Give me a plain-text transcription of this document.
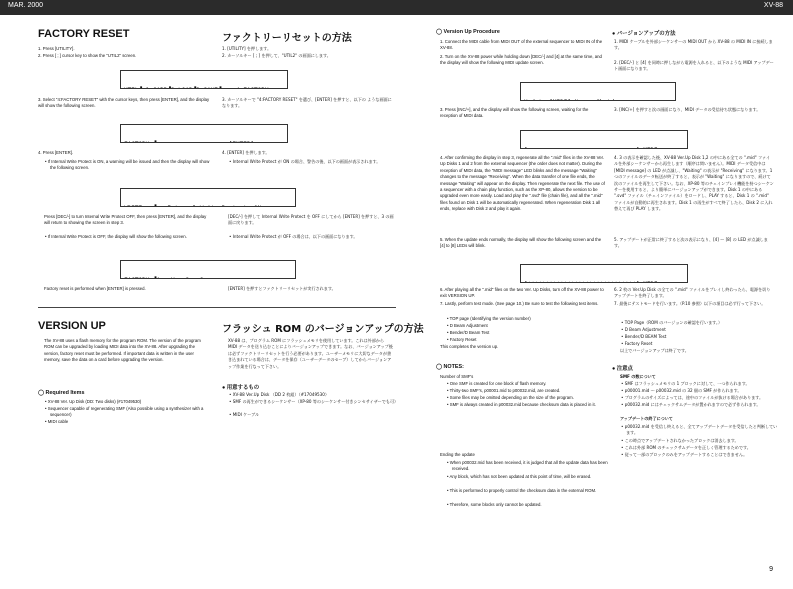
MAR. 2000	XV-88
FACTORY RESET	ファクトリーリセットの方法
1. Press [UTILITY].
2. Press [ ; ] cursor key to show the "UTIL2" screen.
1. [UTILITY] を押します。
2. カーソルキー [ ; ] を押して、"UTIL2" の画面にします。

3. Select "4:FACTORY RESET" with the cursor keys, then press [ENTER], and the display will show the following screen.
3. カーソルキーで "4:FACTORY RESET" を選び、[ENTER] を押すと、以下の ような画面になります。

4. Press [ENTER].	4. [ENTER] を押します。
• If Internal Write Protect is ON, a warning will be issued and then the display will show the following screen.
• Internal Write Protect が ON の場合、警告の後、以下の画面が表示されます。

Press [DEC/-] to turn Internal Write Protect OFF, then press [ENTER], and the display will return to showing the screen in step 3.
[DEC/-] を押して Internal Write Protect を OFF にしてから [ENTER] を押すと、3 の画面に戻ります。
• If Internal Write Protect is OFF, the display will show the following screen.	• Internal Write Protect が OFF の場合は、以下の画面になります。

Factory reset is performed when [ENTER] is pressed.	[ENTER] を押すとファクトリーリセットが実行されます。
VERSION UP	フラッシュ ROM のバージョンアップの方法
The XV-88 uses a flash memory for the program ROM. The version of the program ROM can be upgraded by loading MIDI data into the XV-88. After upgrading the version, factory reset must be performed. If important data is written in the user memory, save the data on a card before upgrading the version.
XV-88 は、プログラム ROM にフラッシュメモリを使用しています。これは外部から MIDI データを送り込むことによりバージョンアップできます。なお、バージョンアップ後は必ずファクトリーリセットを行う必要があります。ユーザーメモリに大切なデータが書き込まれている場合は、データを保存（ユーザーデータのセーブ）してからバージョンアップ作業を行なって下さい。
◯ Required Items
• XV-88 Ver. Up Disk (DD: Two disks) (#17049530)
• Sequencer capable of regenerating SMF (Also possible using a synthesizer with a sequencer)
• MIDI cable
● 用意するもの
• XV-88 Ver.Up Disk （DD 2 枚組）（#17049530）
• SMF の再生ができるシーケンサー（XP-80 等のシーケンサー付きシンセサイザーでも可）
• MIDI ケーブル
◯ Version Up Procedure	● バージョンアップの方法
1. Connect the MIDI cable from MIDI OUT of the external sequencer to MIDI IN of the XV-88.
2. Turn on the XV-88 power while holding down [DEC/-] and [4] at the same time, and the display will show the following MIDI update screen.
1. MIDI ケーブルを外部シーケンサーの MIDI OUT から XV-88 の MIDI IN に接続します。
2. [DEC/-] と [4] を同時に押しながら電源を入れると、以下のような MIDI アップデート画面になります。

3. Press [INC/+], and the display will show the following screen, waiting for the reception of MIDI data.
3. [INC/+] を押すと次の画面になり、MIDI データの受信待ち状態になります。

4. After confirming the display in step 3, regenerate all the ".mid" files in the XV-88 Ver. Up Disks 1 and 2 from the external sequencer (the order does not matter). During the reception of MIDI data, the "MIDI message" LED blinks and the message "Waiting" changes to the message "Receiving". When the data transfer of one file ends, the message "Waiting" will appear on the display. Then regenerate the next file. The use of a sequencer with a chain play function, such as the XP-80, allows the version to be upgraded even more easily. Load and play the ".svd" file (chain file), and all the ".mid" files found on Disk 1 will be automatically regenerated. When regeneration Disk 1 all ends, replace with Disk 2 and play it again.
5. When the update ends normally, the display will show the following screen and the [4] to [8] LEDs will blink.
4. 3 の表示を確認した後、XV-88 Ver.Up Disk 1,2 の中にある全ての ".mid" ファイルを外部シーケンサーから再生します（順序は問いません）。MIDI データ受信中は [MIDI message] の LED が点滅し、"Waiting" の表示が "Receiving" になります。1 つのファイルのデータ転送が終了すると、表示が "Waiting" になりますので、続けて次のファイルを再生して下さい。なお、XP-80 等のチェインプレイ機能を持つシーケンサーを使用すると、より簡単にバージョンアップができます。Disk 1 の中にある ".svd" ファイル（チェインファイル）をロードし、PLAY すると、Disk 1 の ".mid" ファイルが自動的に再生されます。Disk 1 の再生がすべて終了したら、Disk 2 に入れ替えて再び PLAY します。
5. アップデートが正常に終了すると次の表示になり、[4] ～ [8] の LED が点滅します。

6. After playing all the ".mid" files on the two Ver. Up Disks, turn off the XV-88 power to exit VERSION UP.
7. Lastly, perform test mode. (See page 10.) Be sure to test the following test items.
• TOP page (Identifying the version number)
• D Beam Adjustment
• Bender/D Beam Test
• Factory Reset
This completes the version up.
6. 2 枚の Ver.Up Disk の全ての ".mid" ファイルをプレイし終わったら、電源を切りアップデートを終了します。
7. 最後にテストモードを行います。（P.10 参照）以下の項目は必ず行って下さい。
• TOP Page（ROM のバージョンの確認を行います。）
• D Beam Adjustment
• Bender/D BEAM Test
• Factory Reset
以上でバージョンアップは終了です。
◯ NOTES:
Number of SMF's
• One SMF is created for one block of flash memory.
• Thirty-two SMF's, p00001.mid to p00032.mid, are created.
• Some files may be omitted depending on the size of the program.
• SMF is always created in p00032.mid because checksum data is placed in it.
Ending the update
• When p00032.mid has been received, it is judged that all the update data has been received.
• Any block, which has not been updated at this point of time, will be erased.
• This is performed to properly control the checksum data in the external ROM.
• Therefore, some blocks only cannot be updated.
● 注意点
SMF の数について
• SMF はフラッシュメモリの 1 ブロックに対して、一つ作られます。
• p00001.mid ～ p00032.mid の 32 個の SMF が作られます。
• プログラムのサイズによっては、途中のファイルが抜ける場合があります。
• p00032.mid にはチェックサムデータが置かれますので必ず作られます。
アップデートの終了について
• p00032.mid を受信し終えると、全てアップデートデータを受信したと判断しています。
• この時点でアップデートされなかったブロックは消去します。
• これは外部 ROM のチェックサムデータを正しく管理するためです。
• 従って一部のブロックのみをアップデートすることはできません。
9
